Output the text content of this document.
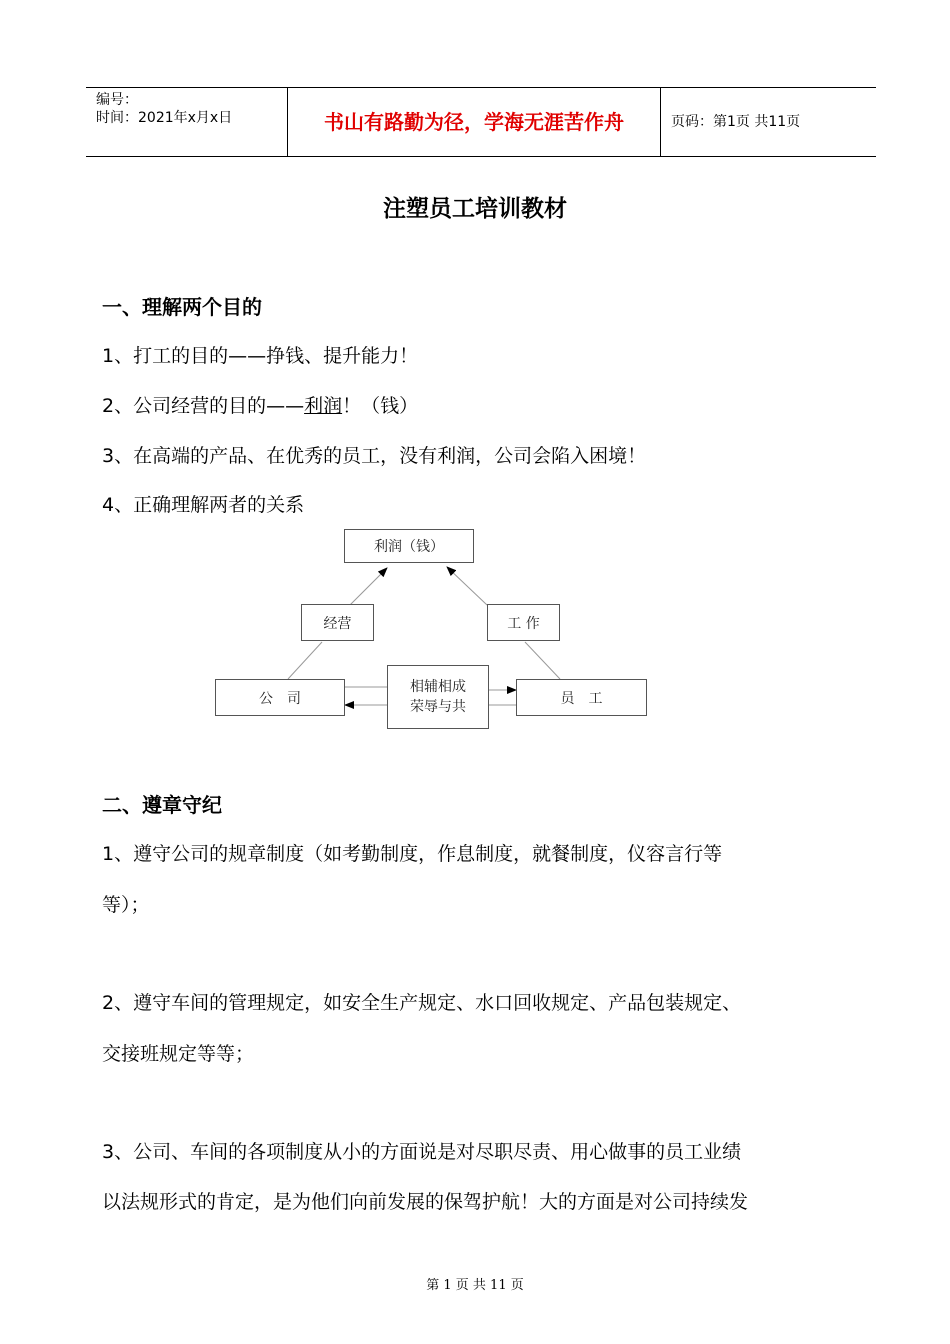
编号：
时间：2021年x月x日	书山有路勤为径，学海无涯苦作舟	页码：第1页 共11页
注塑员工培训教材
一、理解两个目的
1、打工的目的——挣钱、提升能力！
2、公司经营的目的——利润！（钱）
3、在高端的产品、在优秀的员工，没有利润，公司会陷入困境！
4、正确理解两者的关系
利润（钱）
经营	工 作
公　司
相辅相成
荣辱与共
员　工
二、遵章守纪
1、遵守公司的规章制度（如考勤制度，作息制度，就餐制度，仪容言行等
等）；
2、遵守车间的管理规定，如安全生产规定、水口回收规定、产品包装规定、
交接班规定等等；
3、公司、车间的各项制度从小的方面说是对尽职尽责、用心做事的员工业绩
以法规形式的肯定，是为他们向前发展的保驾护航！大的方面是对公司持续发
第 1 页 共 11 页
